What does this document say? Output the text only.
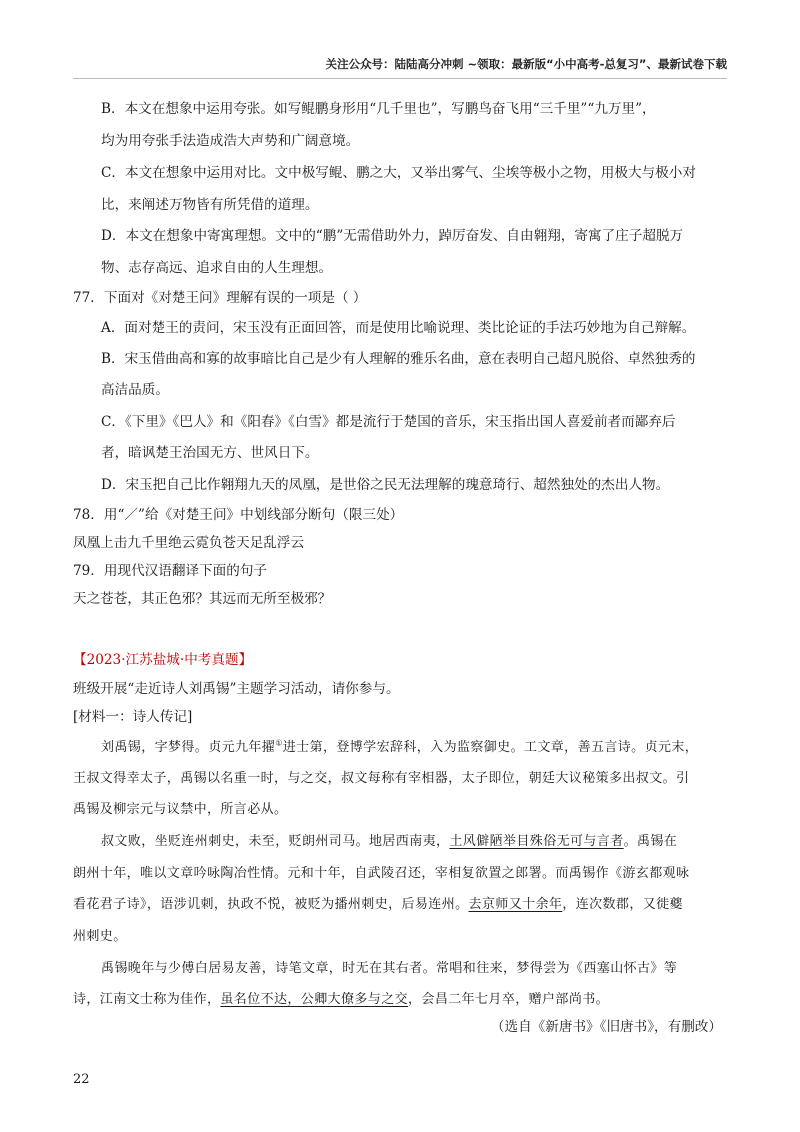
关注公众号：陆陆高分冲刺 ~领取：最新版“小中高考-总复习”、最新试卷下载
B．本文在想象中运用夸张。如写鲲鹏身形用“几千里也”，写鹏鸟奋飞用“三千里”“九万里”，
均为用夸张手法造成浩大声势和广阔意境。
C．本文在想象中运用对比。文中极写鲲、鹏之大，又举出雾气、尘埃等极小之物，用极大与极小对
比，来阐述万物皆有所凭借的道理。
D．本文在想象中寄寓理想。文中的“鹏”无需借助外力，踔厉奋发、自由翱翔，寄寓了庄子超脱万
物、志存高远、追求自由的人生理想。
77．下面对《对楚王问》理解有误的一项是（ ）
A．面对楚王的责问，宋玉没有正面回答，而是使用比喻说理、类比论证的手法巧妙地为自己辩解。
B．宋玉借曲高和寡的故事暗比自己是少有人理解的雅乐名曲，意在表明自己超凡脱俗、卓然独秀的
高洁品质。
C．《下里》《巴人》和《阳春》《白雪》都是流行于楚国的音乐，宋玉指出国人喜爱前者而鄙弃后
者，暗讽楚王治国无方、世风日下。
D．宋玉把自己比作翱翔九天的凤凰，是世俗之民无法理解的瑰意琦行、超然独处的杰出人物。
78．用“／”给《对楚王问》中划线部分断句（限三处）
凤凰上击九千里绝云霓负苍天足乱浮云
79．用现代汉语翻译下面的句子
天之苍苍，其正色邪？其远而无所至极邪？
【2023·江苏盐城·中考真题】
班级开展“走近诗人刘禹锡”主题学习活动，请你参与。
[材料一：诗人传记]
刘禹锡，字梦得。贞元九年擢①进士第，登博学宏辞科，入为监察御史。工文章，善五言诗。贞元末，
王叔文得幸太子，禹锡以名重一时，与之交，叔文每称有宰相器，太子即位，朝廷大议秘策多出叔文。引
禹锡及柳宗元与议禁中，所言必从。
叔文败，坐贬连州刺史，未至，贬朗州司马。地居西南夷，土风僻陋举目殊俗无可与言者。禹锡在
朗州十年，唯以文章吟咏陶冶性情。元和十年，自武陵召还，宰相复欲置之郎署。而禹锡作《游玄都观咏
看花君子诗》，语涉讥刺，执政不悦，被贬为播州刺史，后易连州。去京师又十余年，连次数郡，又徙夔
州刺史。
禹锡晚年与少傅白居易友善，诗笔文章，时无在其右者。常唱和往来，梦得尝为《西塞山怀古》等
诗，江南文士称为佳作，虽名位不达，公卿大僚多与之交，会昌二年七月卒，赠户部尚书。
（选自《新唐书》《旧唐书》，有删改）
22
